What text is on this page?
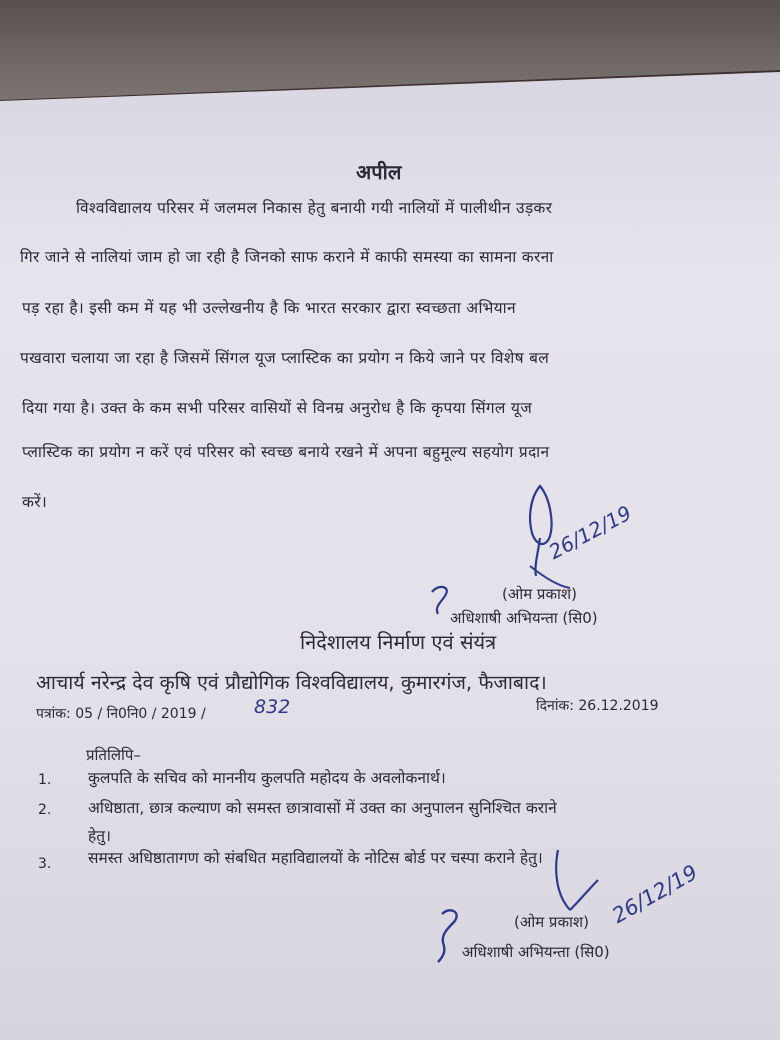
अपील
विश्वविद्यालय परिसर में जलमल निकास हेतु बनायी गयी नालियों में पालीथीन उड़कर
गिर जाने से नालियां जाम हो जा रही है जिनको साफ कराने में काफी समस्या का सामना करना
पड़ रहा है। इसी कम में यह भी उल्लेखनीय है कि भारत सरकार द्वारा स्वच्छता अभियान
पखवारा चलाया जा रहा है जिसमें सिंगल यूज प्लास्टिक का प्रयोग न किये जाने पर विशेष बल
दिया गया है। उक्त के कम सभी परिसर वासियों से विनम्र अनुरोध है कि कृपया सिंगल यूज
प्लास्टिक का प्रयोग न करें एवं परिसर को स्वच्छ बनाये रखने में अपना बहुमूल्य सहयोग प्रदान
करें।	26/12/19
(ओम प्रकाश)
अधिशाषी अभियन्ता (सि0)
निदेशालय निर्माण एवं संयंत्र
आचार्य नरेन्द्र देव कृषि एवं प्रौद्योगिक विश्वविद्यालय, कुमारगंज, फैजाबाद।
पत्रांक: 05 / नि0नि0 / 2019 /	832	दिनांक: 26.12.2019
प्रतिलिपि–
1. कुलपति के सचिव को माननीय कुलपति महोदय के अवलोकनार्थ।
2. अधिष्ठाता, छात्र कल्याण को समस्त छात्रावासों में उक्त का अनुपालन सुनिश्चित कराने
हेतु।
3. समस्त अधिष्ठातागण को संबधित महाविद्यालयों के नोटिस बोर्ड पर चस्पा कराने हेतु।
26/12/19
(ओम प्रकाश)
अधिशाषी अभियन्ता (सि0)
